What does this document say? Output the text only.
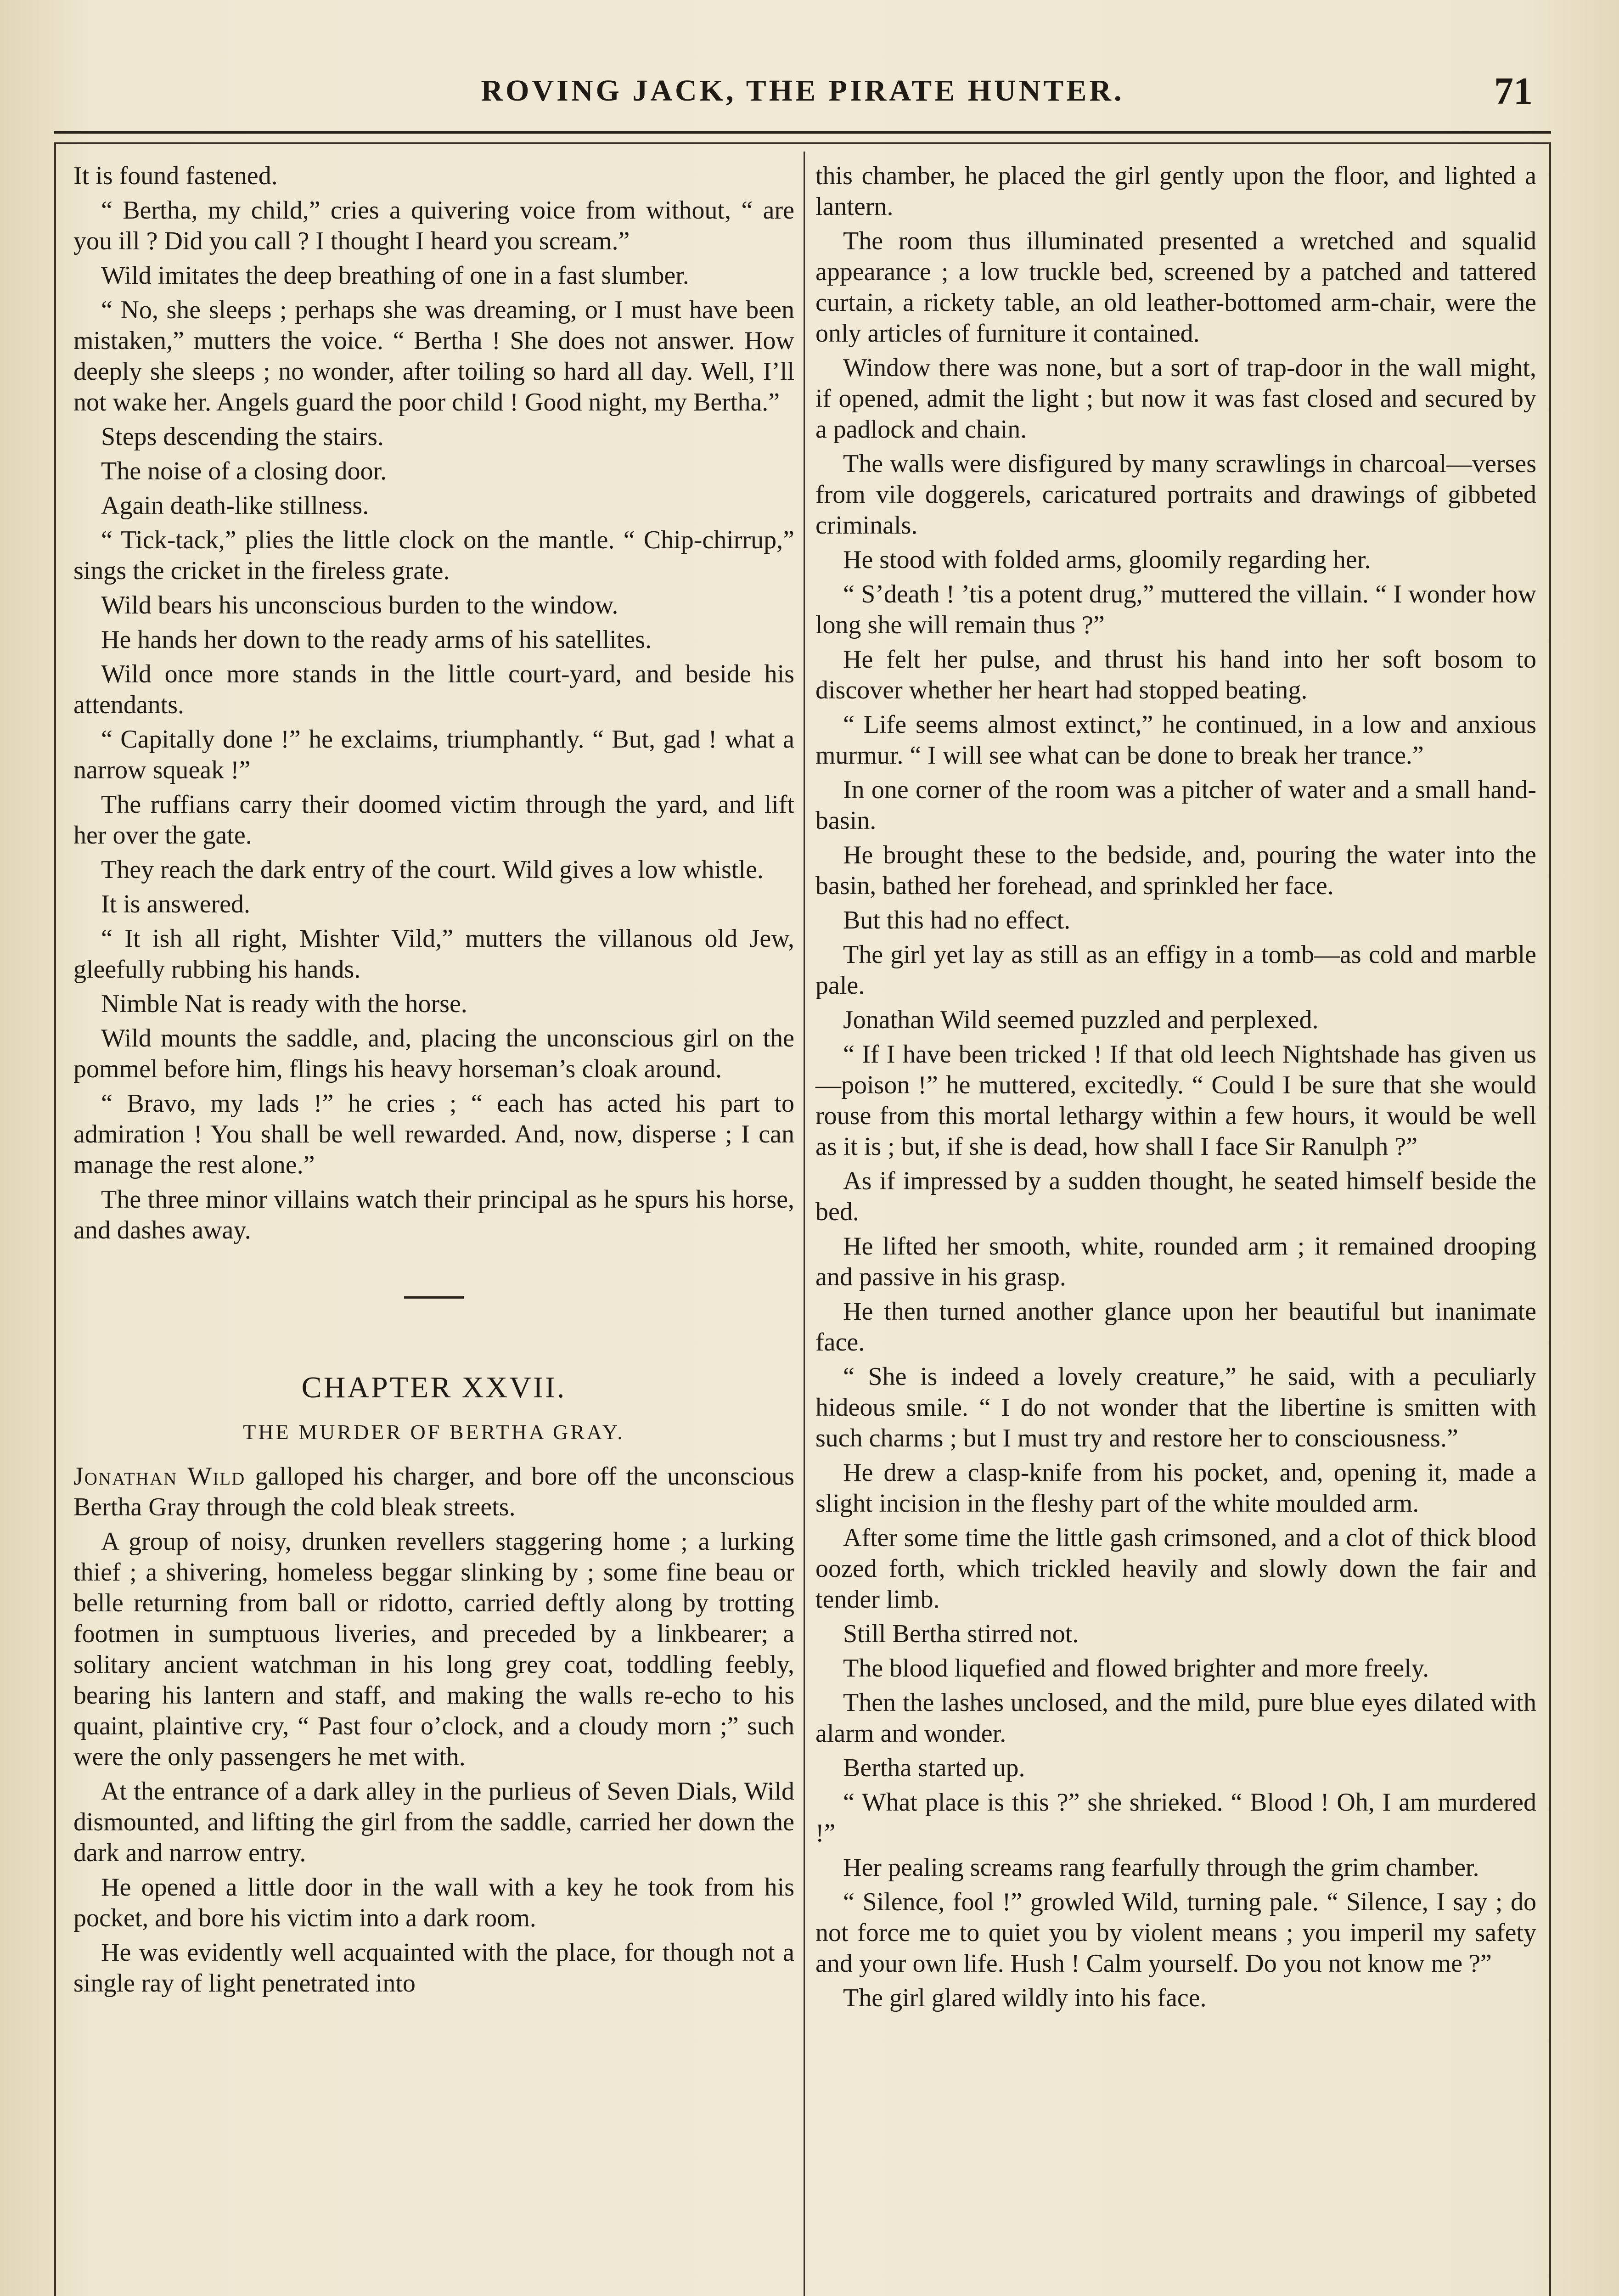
ROVING JACK, THE PIRATE HUNTER.	71

It is found fastened.

“ Bertha, my child,” cries a quivering voice from without, “ are you ill ? Did you call ? I thought I heard you scream.”

Wild imitates the deep breathing of one in a fast slumber.

“ No, she sleeps ; perhaps she was dreaming, or I must have been mistaken,” mutters the voice. “ Bertha ! She does not answer. How deeply she sleeps ; no wonder, after toiling so hard all day. Well, I’ll not wake her. Angels guard the poor child ! Good night, my Bertha.”

Steps descending the stairs.

The noise of a closing door.

Again death-like stillness.

“ Tick-tack,” plies the little clock on the mantle. “ Chip-chirrup,” sings the cricket in the fireless grate.

Wild bears his unconscious burden to the window.

He hands her down to the ready arms of his satellites.

Wild once more stands in the little court-yard, and beside his attendants.

“ Capitally done !” he exclaims, triumphantly. “ But, gad ! what a narrow squeak !”

The ruffians carry their doomed victim through the yard, and lift her over the gate.

They reach the dark entry of the court. Wild gives a low whistle.

It is answered.

“ It ish all right, Mishter Vild,” mutters the villanous old Jew, gleefully rubbing his hands.

Nimble Nat is ready with the horse.

Wild mounts the saddle, and, placing the unconscious girl on the pommel before him, flings his heavy horseman’s cloak around.

“ Bravo, my lads !” he cries ; “ each has acted his part to admiration ! You shall be well rewarded. And, now, disperse ; I can manage the rest alone.”

The three minor villains watch their principal as he spurs his horse, and dashes away.

CHAPTER XXVII.
THE MURDER OF BERTHA GRAY.

Jonathan Wild galloped his charger, and bore off the unconscious Bertha Gray through the cold bleak streets.

A group of noisy, drunken revellers staggering home ; a lurking thief ; a shivering, homeless beggar slinking by ; some fine beau or belle returning from ball or ridotto, carried deftly along by trotting footmen in sumptuous liveries, and preceded by a linkbearer; a solitary ancient watchman in his long grey coat, toddling feebly, bearing his lantern and staff, and making the walls re-echo to his quaint, plaintive cry, “ Past four o’clock, and a cloudy morn ;” such were the only passengers he met with.

At the entrance of a dark alley in the purlieus of Seven Dials, Wild dismounted, and lifting the girl from the saddle, carried her down the dark and narrow entry.

He opened a little door in the wall with a key he took from his pocket, and bore his victim into a dark room.

He was evidently well acquainted with the place, for though not a single ray of light penetrated into

this chamber, he placed the girl gently upon the floor, and lighted a lantern.

The room thus illuminated presented a wretched and squalid appearance ; a low truckle bed, screened by a patched and tattered curtain, a rickety table, an old leather-bottomed arm-chair, were the only articles of furniture it contained.

Window there was none, but a sort of trap-door in the wall might, if opened, admit the light ; but now it was fast closed and secured by a padlock and chain.

The walls were disfigured by many scrawlings in charcoal—verses from vile doggerels, caricatured portraits and drawings of gibbeted criminals.

He stood with folded arms, gloomily regarding her.

“ S’death ! ’tis a potent drug,” muttered the villain. “ I wonder how long she will remain thus ?”

He felt her pulse, and thrust his hand into her soft bosom to discover whether her heart had stopped beating.

“ Life seems almost extinct,” he continued, in a low and anxious murmur. “ I will see what can be done to break her trance.”

In one corner of the room was a pitcher of water and a small hand-basin.

He brought these to the bedside, and, pouring the water into the basin, bathed her forehead, and sprinkled her face.

But this had no effect.

The girl yet lay as still as an effigy in a tomb—as cold and marble pale.

Jonathan Wild seemed puzzled and perplexed.

“ If I have been tricked ! If that old leech Nightshade has given us—poison !” he muttered, excitedly. “ Could I be sure that she would rouse from this mortal lethargy within a few hours, it would be well as it is ; but, if she is dead, how shall I face Sir Ranulph ?”

As if impressed by a sudden thought, he seated himself beside the bed.

He lifted her smooth, white, rounded arm ; it remained drooping and passive in his grasp.

He then turned another glance upon her beautiful but inanimate face.

“ She is indeed a lovely creature,” he said, with a peculiarly hideous smile. “ I do not wonder that the libertine is smitten with such charms ; but I must try and restore her to consciousness.”

He drew a clasp-knife from his pocket, and, opening it, made a slight incision in the fleshy part of the white moulded arm.

After some time the little gash crimsoned, and a clot of thick blood oozed forth, which trickled heavily and slowly down the fair and tender limb.

Still Bertha stirred not.

The blood liquefied and flowed brighter and more freely.

Then the lashes unclosed, and the mild, pure blue eyes dilated with alarm and wonder.

Bertha started up.

“ What place is this ?” she shrieked. “ Blood ! Oh, I am murdered !”

Her pealing screams rang fearfully through the grim chamber.

“ Silence, fool !” growled Wild, turning pale. “ Silence, I say ; do not force me to quiet you by violent means ; you imperil my safety and your own life. Hush ! Calm yourself. Do you not know me ?”

The girl glared wildly into his face.
